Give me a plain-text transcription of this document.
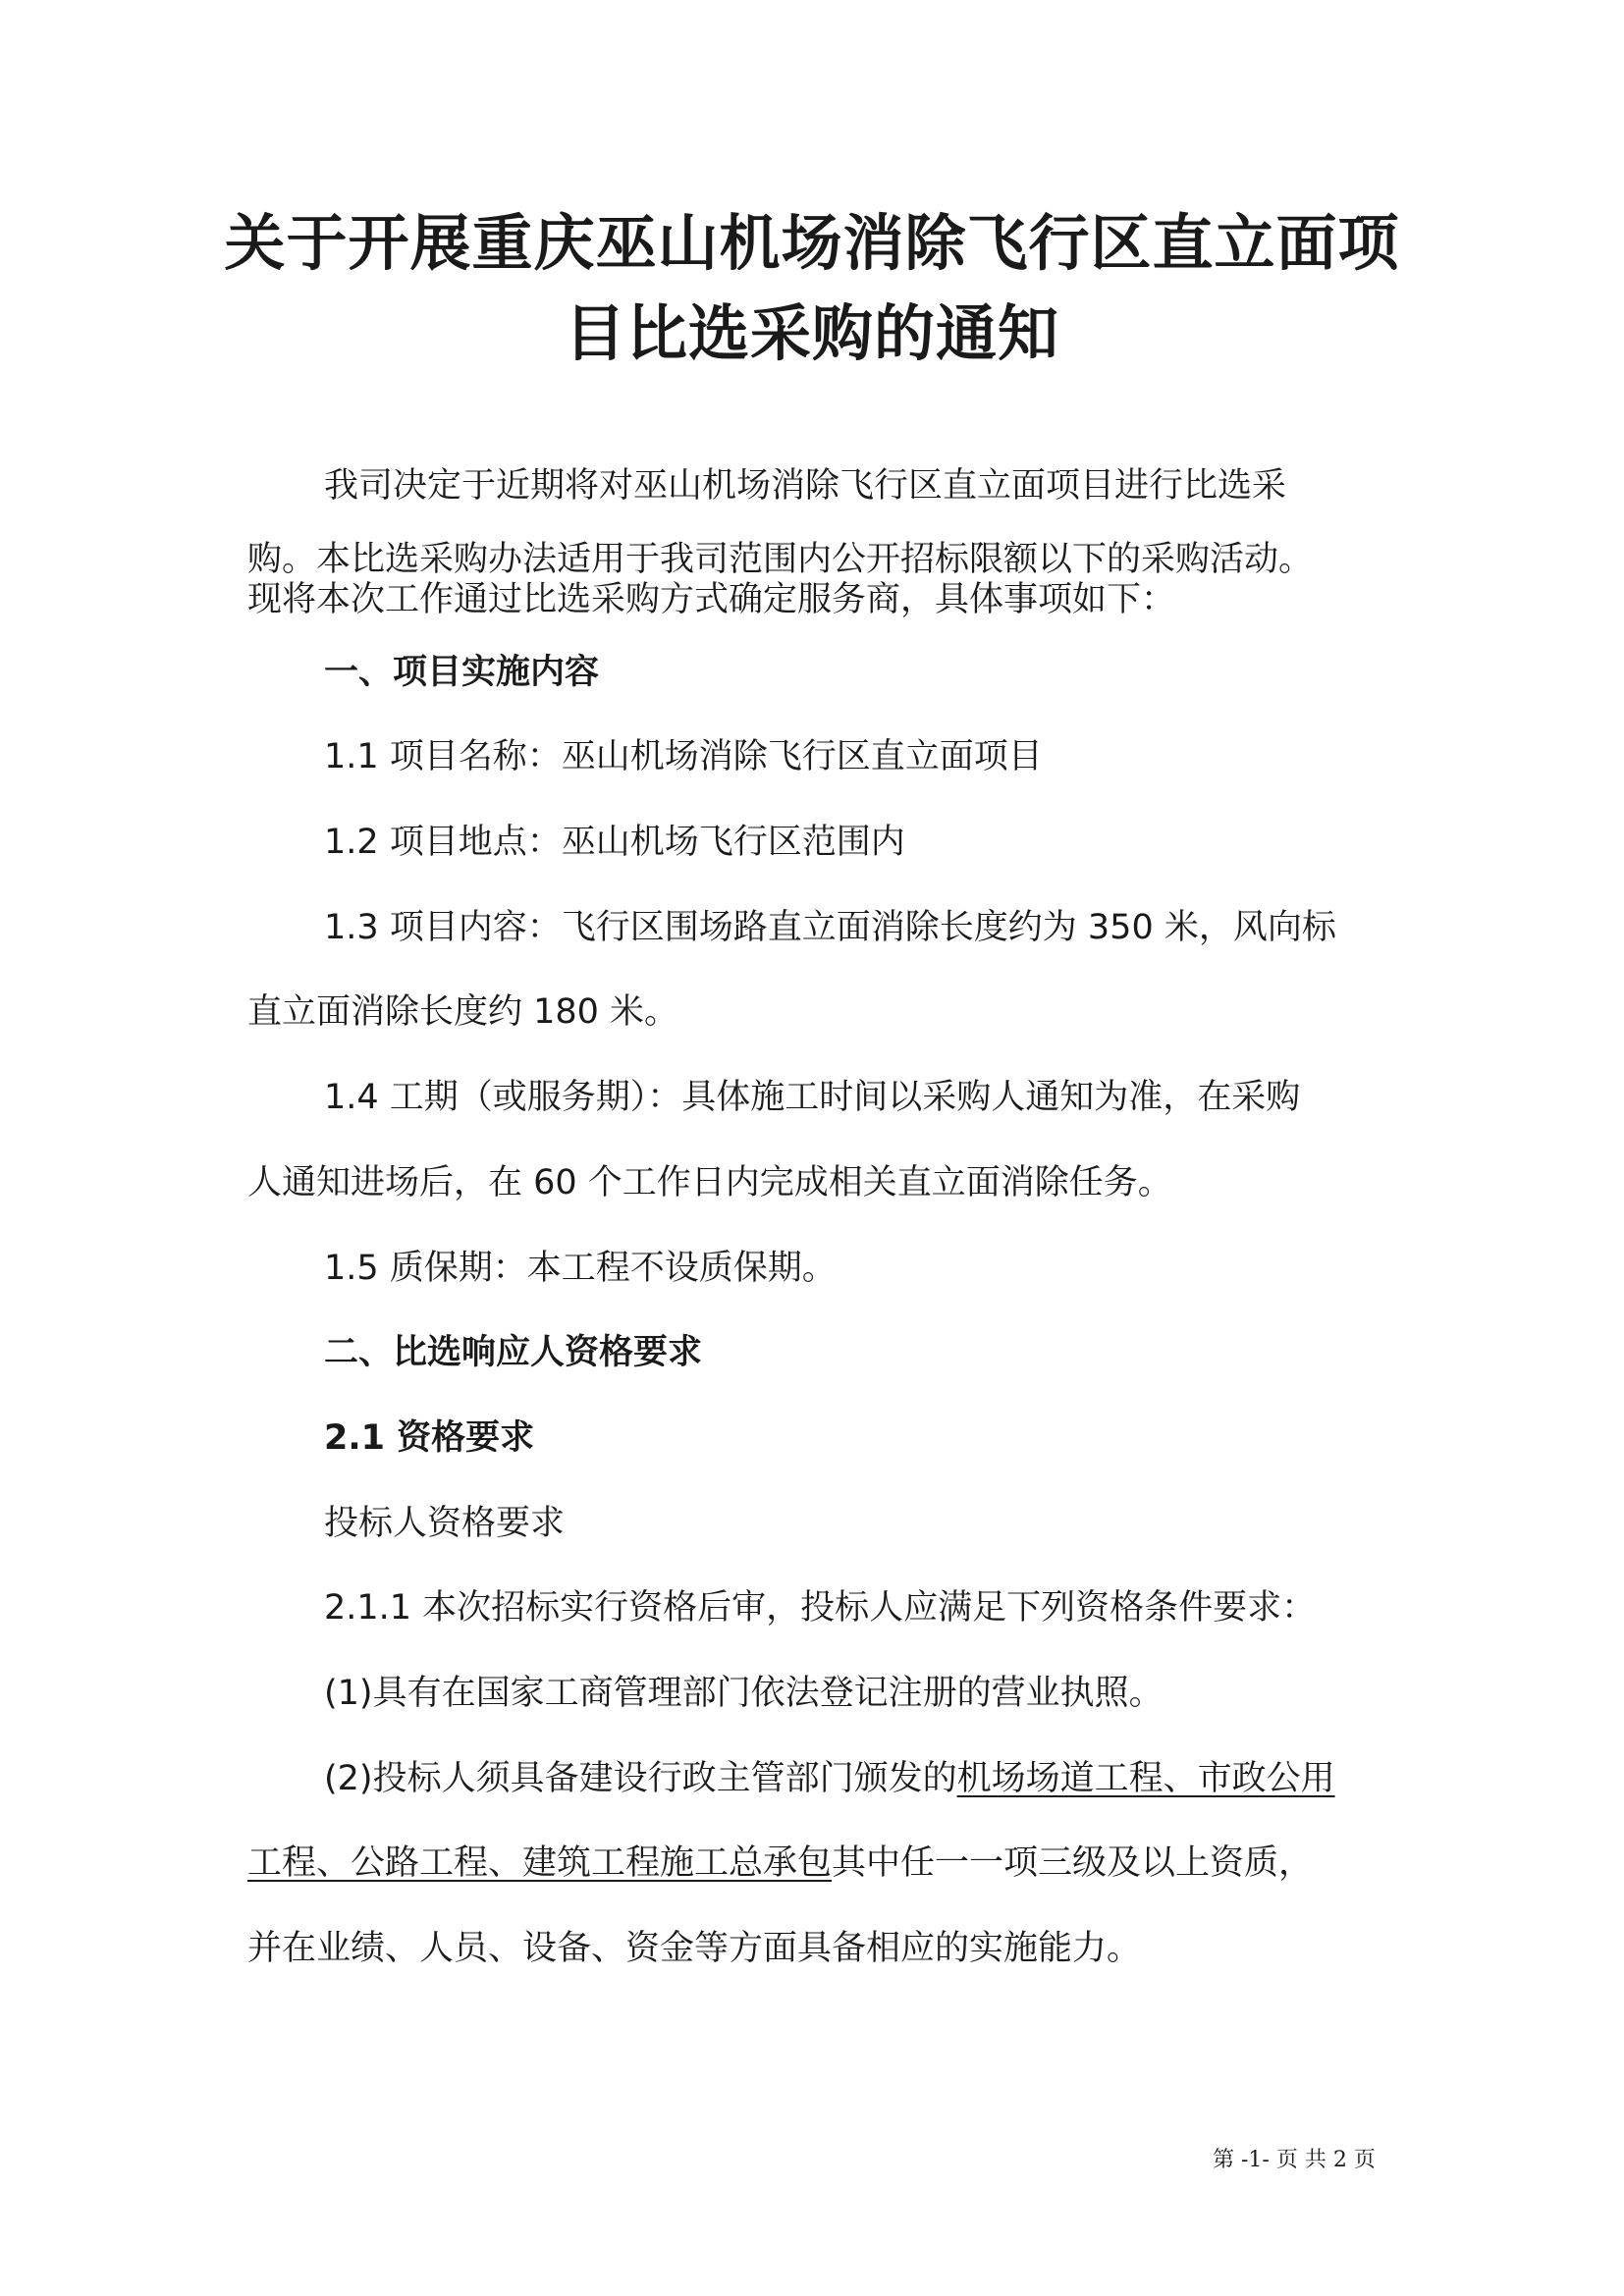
关于开展重庆巫山机场消除飞行区直立面项
目比选采购的通知
我司决定于近期将对巫山机场消除飞行区直立面项目进行比选采
购。本比选采购办法适用于我司范围内公开招标限额以下的采购活动。
现将本次工作通过比选采购方式确定服务商，具体事项如下：
一、项目实施内容
1.1 项目名称：巫山机场消除飞行区直立面项目
1.2 项目地点：巫山机场飞行区范围内
1.3 项目内容：飞行区围场路直立面消除长度约为 350 米，风向标
直立面消除长度约 180 米。
1.4 工期（或服务期）：具体施工时间以采购人通知为准，在采购
人通知进场后，在 60 个工作日内完成相关直立面消除任务。
1.5 质保期：本工程不设质保期。
二、比选响应人资格要求
2.1 资格要求
投标人资格要求
2.1.1 本次招标实行资格后审，投标人应满足下列资格条件要求：
(1)具有在国家工商管理部门依法登记注册的营业执照。
(2)投标人须具备建设行政主管部门颁发的机场场道工程、市政公用
工程、公路工程、建筑工程施工总承包其中任一一项三级及以上资质，
并在业绩、人员、设备、资金等方面具备相应的实施能力。
第 -1- 页 共 2 页
